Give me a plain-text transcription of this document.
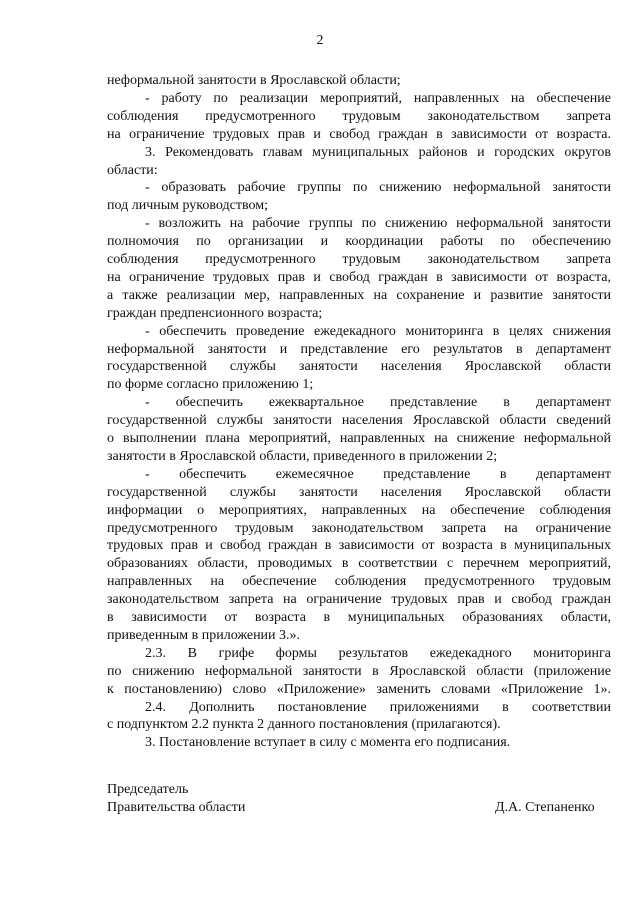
2
неформальной занятости в Ярославской области;
- работу по реализации мероприятий, направленных на обеспечение
соблюдения предусмотренного трудовым законодательством запрета
на ограничение трудовых прав и свобод граждан в зависимости от возраста.
3. Рекомендовать главам муниципальных районов и городских округов
области:
- образовать рабочие группы по снижению неформальной занятости
под личным руководством;
- возложить на рабочие группы по снижению неформальной занятости
полномочия по организации и координации работы по обеспечению
соблюдения предусмотренного трудовым законодательством запрета
на ограничение трудовых прав и свобод граждан в зависимости от возраста,
а также реализации мер, направленных на сохранение и развитие занятости
граждан предпенсионного возраста;
- обеспечить проведение ежедекадного мониторинга в целях снижения
неформальной занятости и представление его результатов в департамент
государственной службы занятости населения Ярославской области
по форме согласно приложению 1;
- обеспечить ежеквартальное представление в департамент
государственной службы занятости населения Ярославской области сведений
о выполнении плана мероприятий, направленных на снижение неформальной
занятости в Ярославской области, приведенного в приложении 2;
- обеспечить ежемесячное представление в департамент
государственной службы занятости населения Ярославской области
информации о мероприятиях, направленных на обеспечение соблюдения
предусмотренного трудовым законодательством запрета на ограничение
трудовых прав и свобод граждан в зависимости от возраста в муниципальных
образованиях области, проводимых в соответствии с перечнем мероприятий,
направленных на обеспечение соблюдения предусмотренного трудовым
законодательством запрета на ограничение трудовых прав и свобод граждан
в зависимости от возраста в муниципальных образованиях области,
приведенным в приложении 3.».
2.3. В грифе формы результатов ежедекадного мониторинга
по снижению неформальной занятости в Ярославской области (приложение
к постановлению) слово «Приложение» заменить словами «Приложение 1».
2.4. Дополнить постановление приложениями в соответствии
с подпунктом 2.2 пункта 2 данного постановления (прилагаются).
3. Постановление вступает в силу с момента его подписания.
Председатель
Правительства области	Д.А. Степаненко
